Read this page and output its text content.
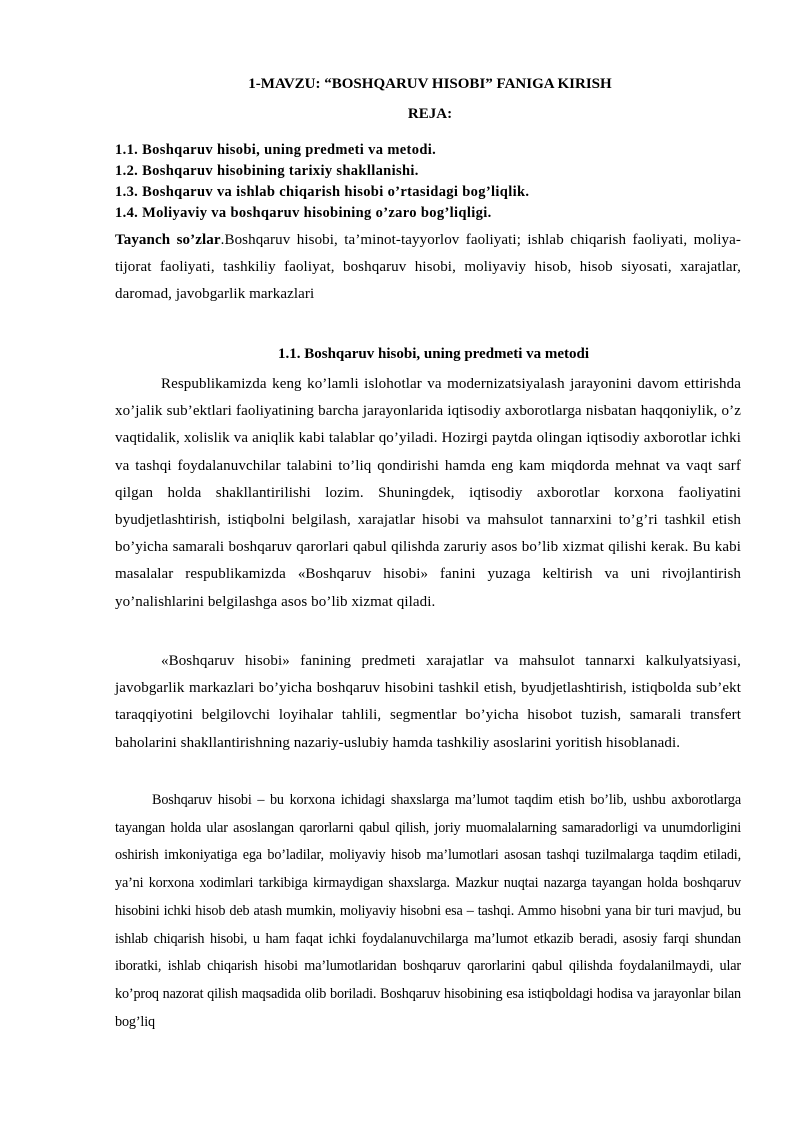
1-MAVZU: “BOSHQARUV HISOBI” FANIGA KIRISH
REJA:
1.1. Boshqaruv hisobi, uning predmeti va metodi.
1.2. Boshqaruv hisobining tarixiy shakllanishi.
1.3. Boshqaruv va ishlab chiqarish hisobi o’rtasidagi bog’liqlik.
1.4. Moliyaviy va boshqaruv hisobining o’zaro bog’liqligi.
Tayanch so’zlar.Boshqaruv hisobi, ta’minot-tayyorlov faoliyati; ishlab chiqarish faoliyati, moliya-tijorat faoliyati, tashkiliy faoliyat, boshqaruv hisobi, moliyaviy hisob, hisob siyosati, xarajatlar, daromad, javobgarlik markazlari
1.1. Boshqaruv hisobi, uning predmeti va metodi

Respublikamizda keng ko’lamli islohotlar va modernizatsiyalash jarayonini davom ettirishda xo’jalik sub’ektlari faoliyatining barcha jarayonlarida iqtisodiy axborotlarga nisbatan haqqoniylik, o’z vaqtidalik, xolislik va aniqlik kabi talablar qo’yiladi. Hozirgi paytda olingan iqtisodiy axborotlar ichki va tashqi foydalanuvchilar talabini to’liq qondirishi hamda eng kam miqdorda mehnat va vaqt sarf qilgan holda shakllantirilishi lozim. Shuningdek, iqtisodiy axborotlar korxona faoliyatini byudjetlashtirish, istiqbolni belgilash, xarajatlar hisobi va mahsulot tannarxini to’g’ri tashkil etish bo’yicha samarali boshqaruv qarorlari qabul qilishda zaruriy asos bo’lib xizmat qilishi kerak. Bu kabi masalalar respublikamizda «Boshqaruv hisobi» fanini yuzaga keltirish va uni rivojlantirish yo’nalishlarini belgilashga asos bo’lib xizmat qiladi.

«Boshqaruv hisobi» fanining predmeti xarajatlar va mahsulot tannarxi kalkulyatsiyasi, javobgarlik markazlari bo’yicha boshqaruv hisobini tashkil etish, byudjetlashtirish, istiqbolda sub’ekt taraqqiyotini belgilovchi loyihalar tahlili, segmentlar bo’yicha hisobot tuzish, samarali transfert baholarini shakllantirishning nazariy-uslubiy hamda tashkiliy asoslarini yoritish hisoblanadi.

Boshqaruv hisobi – bu korxona ichidagi shaxslarga ma’lumot taqdim etish bo’lib, ushbu axborotlarga tayangan holda ular asoslangan qarorlarni qabul qilish, joriy muomalalarning samaradorligi va unumdorligini oshirish imkoniyatiga ega bo’ladilar, moliyaviy hisob ma’lumotlari asosan tashqi tuzilmalarga taqdim etiladi, ya’ni korxona xodimlari tarkibiga kirmaydigan shaxslarga. Mazkur nuqtai nazarga tayangan holda boshqaruv hisobini ichki hisob deb atash mumkin, moliyaviy hisobni esa – tashqi. Ammo hisobni yana bir turi mavjud, bu ishlab chiqarish hisobi, u ham faqat ichki foydalanuvchilarga ma’lumot etkazib beradi, asosiy farqi shundan iboratki, ishlab chiqarish hisobi ma’lumotlaridan boshqaruv qarorlarini qabul qilishda foydalanilmaydi, ular ko’proq nazorat qilish maqsadida olib boriladi. Boshqaruv hisobining esa istiqboldagi hodisa va jarayonlar bilan bog’liq
